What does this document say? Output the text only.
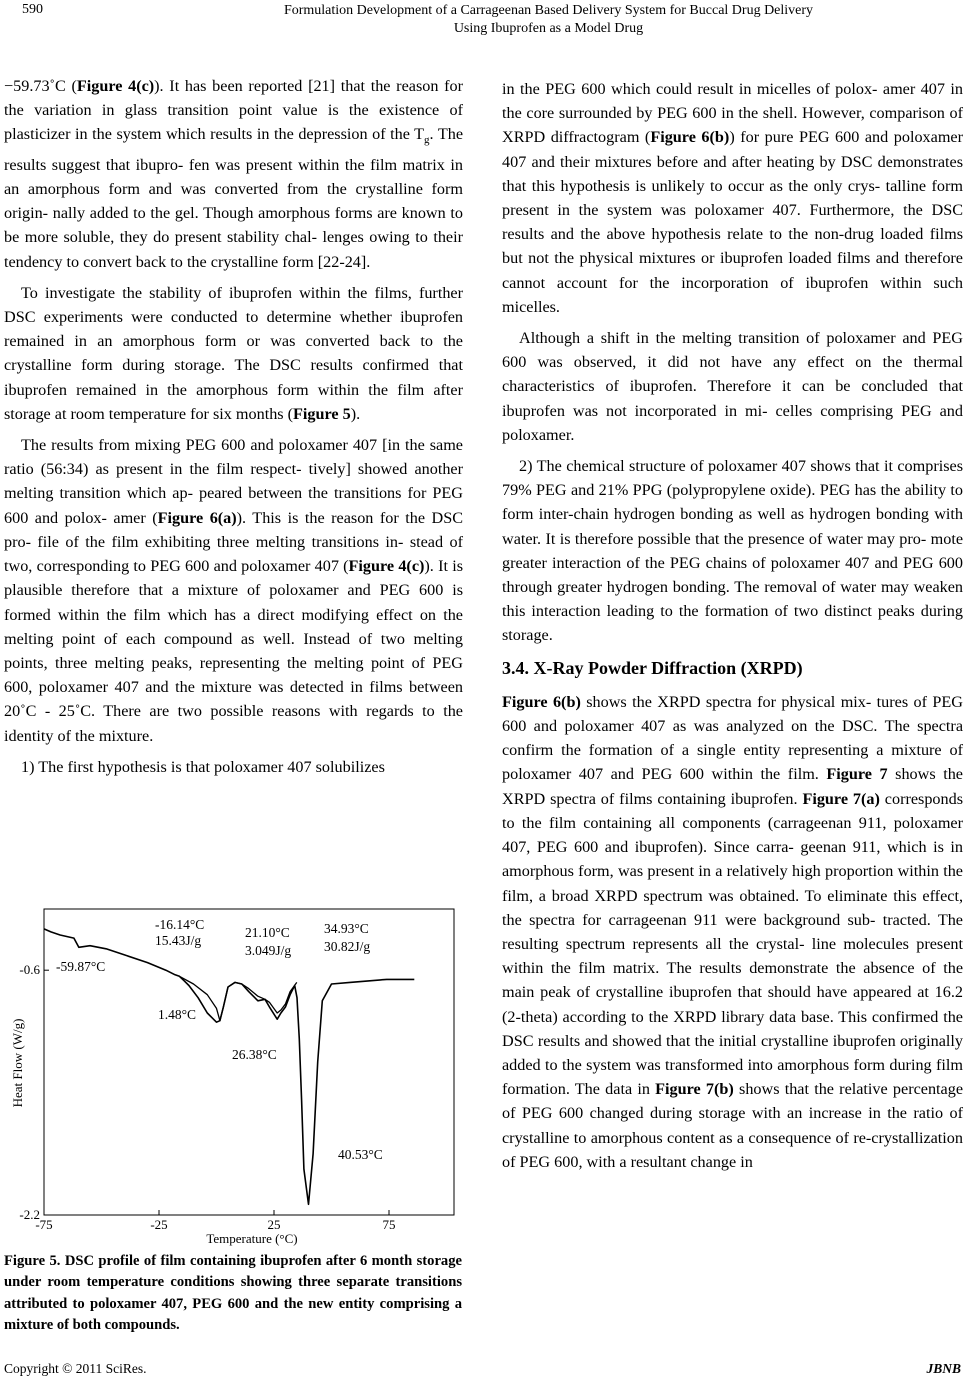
590	Formulation Development of a Carrageenan Based Delivery System for Buccal Drug Delivery
Using Ibuprofen as a Model Drug

−59.73˚C (Figure 4(c)). It has been reported [21] that the reason for the variation in glass transition point value is the existence of plasticizer in the system which results in the depression of the $T_g$. The results suggest that ibupro- fen was present within the film matrix in an amorphous form and was converted from the crystalline form origin- nally added to the gel. Though amorphous forms are known to be more soluble, they do present stability chal- lenges owing to their tendency to convert back to the crystalline form [22-24].

To investigate the stability of ibuprofen within the films, further DSC experiments were conducted to determine whether ibuprofen remained in an amorphous form or was converted back to the crystalline form during storage. The DSC results confirmed that ibuprofen remained in the amorphous form within the film after storage at room temperature for six months (Figure 5).

The results from mixing PEG 600 and poloxamer 407 [in the same ratio (56:34) as present in the film respect- tively] showed another melting transition which ap- peared between the transitions for PEG 600 and polox- amer (Figure 6(a)). This is the reason for the DSC pro- file of the film exhibiting three melting transitions in- stead of two, corresponding to PEG 600 and poloxamer 407 (Figure 4(c)). It is plausible therefore that a mixture of poloxamer and PEG 600 is formed within the film which has a direct modifying effect on the melting point of each compound as well. Instead of two melting points, three melting peaks, representing the melting point of PEG 600, poloxamer 407 and the mixture was detected in films between 20˚C - 25˚C. There are two possible reasons with regards to the identity of the mixture.

1) The first hypothesis is that poloxamer 407 solubilizes

-75	-25	25	75
-0.6
-2.2
Heat Flow (W/g)
Temperature (°C)
-16.14°C
15.43J/g
21.10°C
3.049J/g
34.93°C
30.82J/g
-59.87°C
1.48°C
26.38°C
40.53°C
Figure 5. DSC profile of film containing ibuprofen after 6 month storage under room temperature conditions showing three separate transitions attributed to poloxamer 407, PEG 600 and the new entity comprising a mixture of both compounds.

in the PEG 600 which could result in micelles of polox- amer 407 in the core surrounded by PEG 600 in the shell. However, comparison of XRPD diffractogram (Figure 6(b)) for pure PEG 600 and poloxamer 407 and their mixtures before and after heating by DSC demonstrates that this hypothesis is unlikely to occur as the only crys- talline form present in the system was poloxamer 407. Furthermore, the DSC results and the above hypothesis relate to the non-drug loaded films but not the physical mixtures or ibuprofen loaded films and therefore cannot account for the incorporation of ibuprofen within such micelles.

Although a shift in the melting transition of poloxamer and PEG 600 was observed, it did not have any effect on the thermal characteristics of ibuprofen. Therefore it can be concluded that ibuprofen was not incorporated in mi- celles comprising PEG and poloxamer.

2) The chemical structure of poloxamer 407 shows that it comprises 79% PEG and 21% PPG (polypropylene oxide). PEG has the ability to form inter-chain hydrogen bonding as well as hydrogen bonding with water. It is therefore possible that the presence of water may pro- mote greater interaction of the PEG chains of poloxamer 407 and PEG 600 through greater hydrogen bonding. The removal of water may weaken this interaction leading to the formation of two distinct peaks during storage.

3.4. X-Ray Powder Diffraction (XRPD)

Figure 6(b) shows the XRPD spectra for physical mix- tures of PEG 600 and poloxamer 407 as was analyzed on the DSC. The spectra confirm the formation of a single entity representing a mixture of poloxamer 407 and PEG 600 within the film. Figure 7 shows the XRPD spectra of films containing ibuprofen. Figure 7(a) corresponds to the film containing all components (carrageenan 911, poloxamer 407, PEG 600 and ibuprofen). Since carra- geenan 911, which is in amorphous form, was present in a relatively high proportion within the film, a broad XRPD spectrum was obtained. To eliminate this effect, the spectra for carrageenan 911 were background sub- tracted. The resulting spectrum represents all the crystal- line molecules present within the film matrix. The results demonstrate the absence of the main peak of crystalline ibuprofen that should have appeared at 16.2 (2-theta) according to the XRPD library data base. This confirmed the DSC results and showed that the initial crystalline ibuprofen originally added to the system was transformed into amorphous form during film formation. The data in Figure 7(b) shows that the relative percentage of PEG 600 changed during storage with an increase in the ratio of crystalline to amorphous content as a consequence of re-crystallization of PEG 600, with a resultant change in

Copyright © 2011 SciRes.	JBNB
